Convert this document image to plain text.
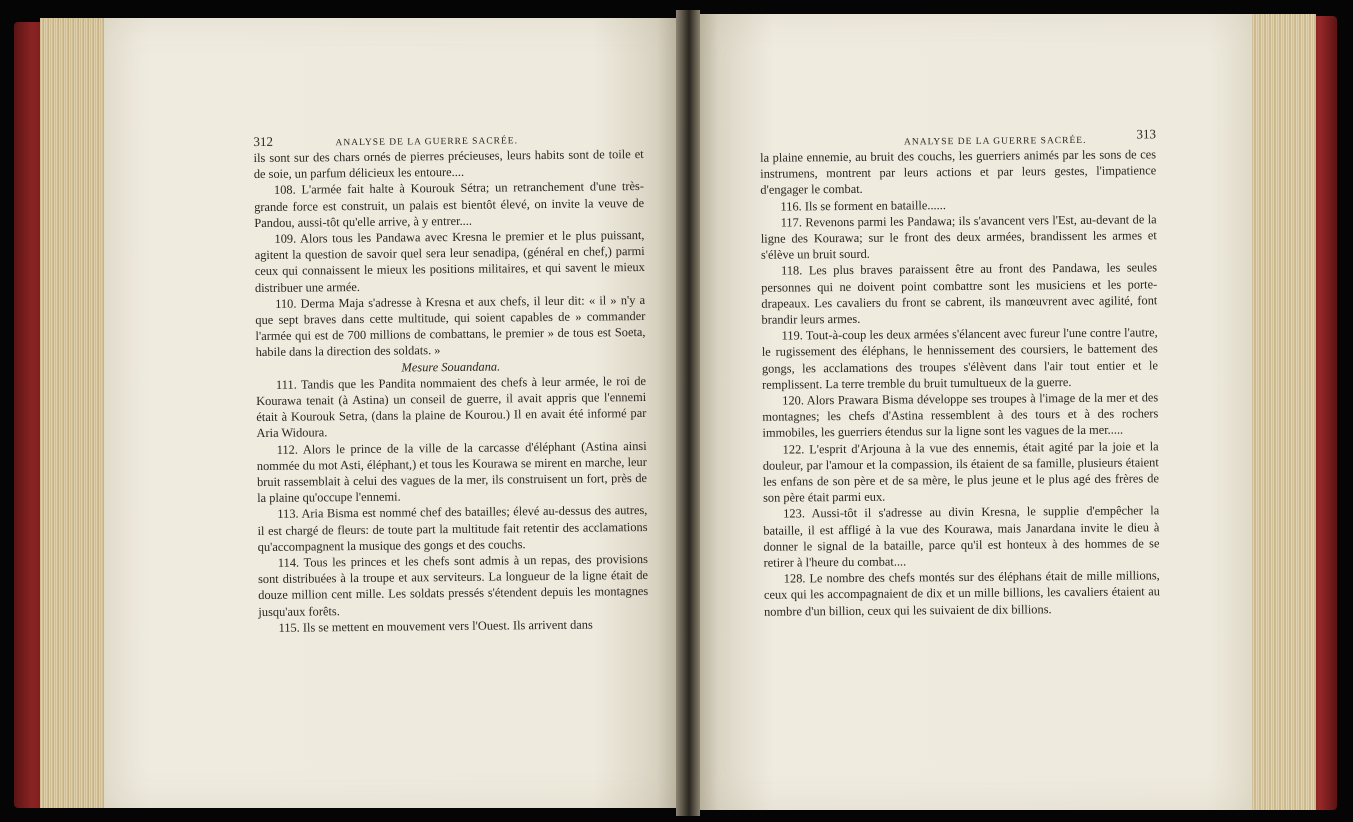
312	ANALYSE DE LA GUERRE SACRÉE.

ils sont sur des chars ornés de pierres précieuses, leurs habits sont de toile et de soie, un parfum délicieux les entoure....

108. L'armée fait halte à Kourouk Sétra; un retranchement d'une très-grande force est construit, un palais est bientôt élevé, on invite la veuve de Pandou, aussi-tôt qu'elle arrive, à y entrer....

109. Alors tous les Pandawa avec Kresna le premier et le plus puissant, agitent la question de savoir quel sera leur senadipa, (général en chef,) parmi ceux qui connaissent le mieux les positions militaires, et qui savent le mieux distribuer une armée.

110. Derma Maja s'adresse à Kresna et aux chefs, il leur dit: « il » n'y a que sept braves dans cette multitude, qui soient capables de » commander l'armée qui est de 700 millions de combattans, le premier » de tous est Soeta, habile dans la direction des soldats. »

Mesure Souandana.

111. Tandis que les Pandita nommaient des chefs à leur armée, le roi de Kourawa tenait (à Astina) un conseil de guerre, il avait appris que l'ennemi était à Kourouk Setra, (dans la plaine de Kourou.) Il en avait été informé par Aria Widoura.

112. Alors le prince de la ville de la carcasse d'éléphant (Astina ainsi nommée du mot Asti, éléphant,) et tous les Kourawa se mirent en marche, leur bruit rassemblait à celui des vagues de la mer, ils construisent un fort, près de la plaine qu'occupe l'ennemi.

113. Aria Bisma est nommé chef des batailles; élevé au-dessus des autres, il est chargé de fleurs: de toute part la multitude fait retentir des acclamations qu'accompagnent la musique des gongs et des couchs.

114. Tous les princes et les chefs sont admis à un repas, des provisions sont distribuées à la troupe et aux serviteurs. La longueur de la ligne était de douze million cent mille. Les soldats pressés s'étendent depuis les montagnes jusqu'aux forêts.

115. Ils se mettent en mouvement vers l'Ouest. Ils arrivent dans

ANALYSE DE LA GUERRE SACRÉE.
313

la plaine ennemie, au bruit des couchs, les guerriers animés par les sons de ces instrumens, montrent par leurs actions et par leurs gestes, l'impatience d'engager le combat.

116. Ils se forment en bataille......

117. Revenons parmi les Pandawa; ils s'avancent vers l'Est, au-devant de la ligne des Kourawa; sur le front des deux armées, brandissent les armes et s'élève un bruit sourd.

118. Les plus braves paraissent être au front des Pandawa, les seules personnes qui ne doivent point combattre sont les musiciens et les porte-drapeaux. Les cavaliers du front se cabrent, ils manœuvrent avec agilité, font brandir leurs armes.

119. Tout-à-coup les deux armées s'élancent avec fureur l'une contre l'autre, le rugissement des éléphans, le hennissement des coursiers, le battement des gongs, les acclamations des troupes s'élèvent dans l'air tout entier et le remplissent. La terre tremble du bruit tumultueux de la guerre.

120. Alors Prawara Bisma développe ses troupes à l'image de la mer et des montagnes; les chefs d'Astina ressemblent à des tours et à des rochers immobiles, les guerriers étendus sur la ligne sont les vagues de la mer.....

122. L'esprit d'Arjouna à la vue des ennemis, était agité par la joie et la douleur, par l'amour et la compassion, ils étaient de sa famille, plusieurs étaient les enfans de son père et de sa mère, le plus jeune et le plus agé des frères de son père était parmi eux.

123. Aussi-tôt il s'adresse au divin Kresna, le supplie d'empêcher la bataille, il est affligé à la vue des Kourawa, mais Janardana invite le dieu à donner le signal de la bataille, parce qu'il est honteux à des hommes de se retirer à l'heure du combat....

128. Le nombre des chefs montés sur des éléphans était de mille millions, ceux qui les accompagnaient de dix et un mille billions, les cavaliers étaient au nombre d'un billion, ceux qui les suivaient de dix billions.
